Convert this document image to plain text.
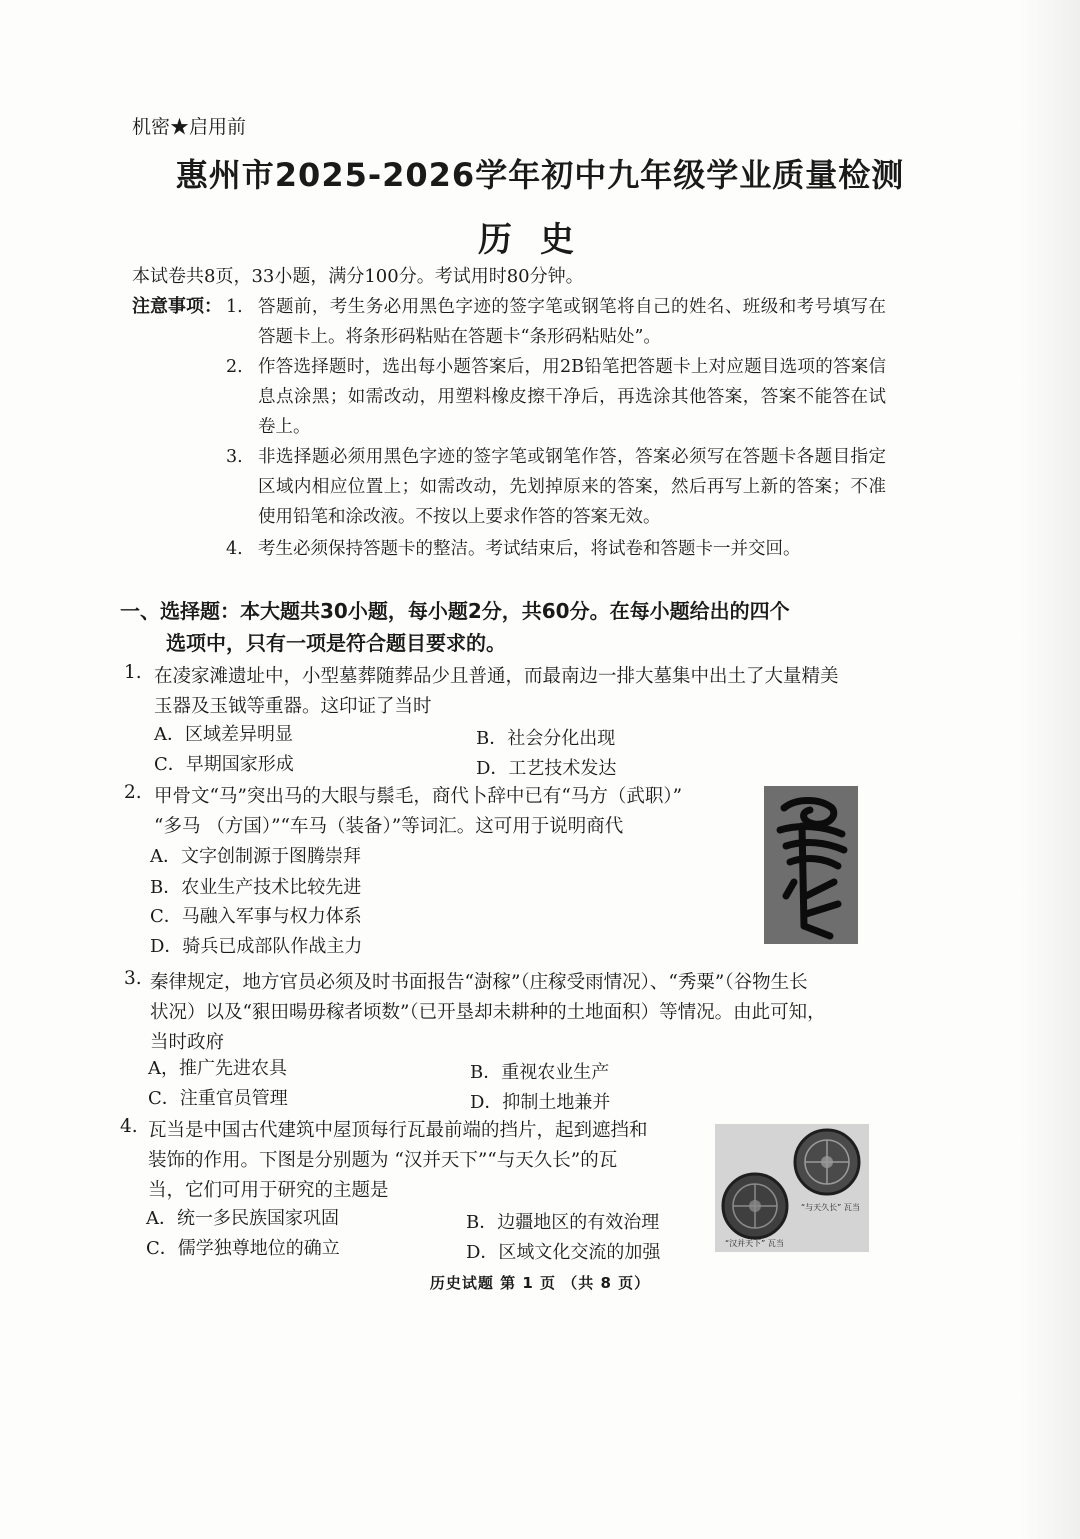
机密★启用前
惠州市2025-2026学年初中九年级学业质量检测
历史
本试卷共8页，33小题，满分100分。考试用时80分钟。
注意事项： 1. 答题前，考生务必用黑色字迹的签字笔或钢笔将自己的姓名、班级和考号填写在答题卡上。将条形码粘贴在答题卡“条形码粘贴处”。
2. 作答选择题时，选出每小题答案后，用2B铅笔把答题卡上对应题目选项的答案信息点涂黑；如需改动，用塑料橡皮擦干净后，再选涂其他答案，答案不能答在试卷上。
3. 非选择题必须用黑色字迹的签字笔或钢笔作答，答案必须写在答题卡各题目指定区域内相应位置上；如需改动，先划掉原来的答案，然后再写上新的答案；不准使用铅笔和涂改液。不按以上要求作答的答案无效。
4. 考生必须保持答题卡的整洁。考试结束后，将试卷和答题卡一并交回。
一、选择题：本大题共30小题，每小题2分，共60分。在每小题给出的四个
选项中，只有一项是符合题目要求的。
1. 在凌家滩遗址中，小型墓葬随葬品少且普通，而最南边一排大墓集中出土了大量精美
玉器及玉钺等重器。这印证了当时
A．区域差异明显	B．社会分化出现
C．早期国家形成	D．工艺技术发达
2. 甲骨文“马”突出马的大眼与鬃毛，商代卜辞中已有“马方（武职）”
“多马 （方国）”“车马（装备）”等词汇。这可用于说明商代
A．文字创制源于图腾崇拜
B．农业生产技术比较先进
C．马融入军事与权力体系
D．骑兵已成部队作战主力
3. 秦律规定，地方官员必须及时书面报告“澍稼”（庄稼受雨情况）、“秀粟”（谷物生长
状况）以及“豤田暘毋稼者顷数”（已开垦却未耕种的土地面积）等情况。由此可知，
当时政府
A，推广先进农具	B．重视农业生产
C．注重官员管理	D．抑制土地兼并
4. 瓦当是中国古代建筑中屋顶每行瓦最前端的挡片，起到遮挡和
装饰的作用。下图是分别题为 “汉并天下”“与天久长”的瓦
当，它们可用于研究的主题是
A．统一多民族国家巩固	B．边疆地区的有效治理
C．儒学独尊地位的确立	D．区域文化交流的加强	“汉并天下” 瓦当
“与天久长” 瓦当
历史试题 第 1 页 （共 8 页）
